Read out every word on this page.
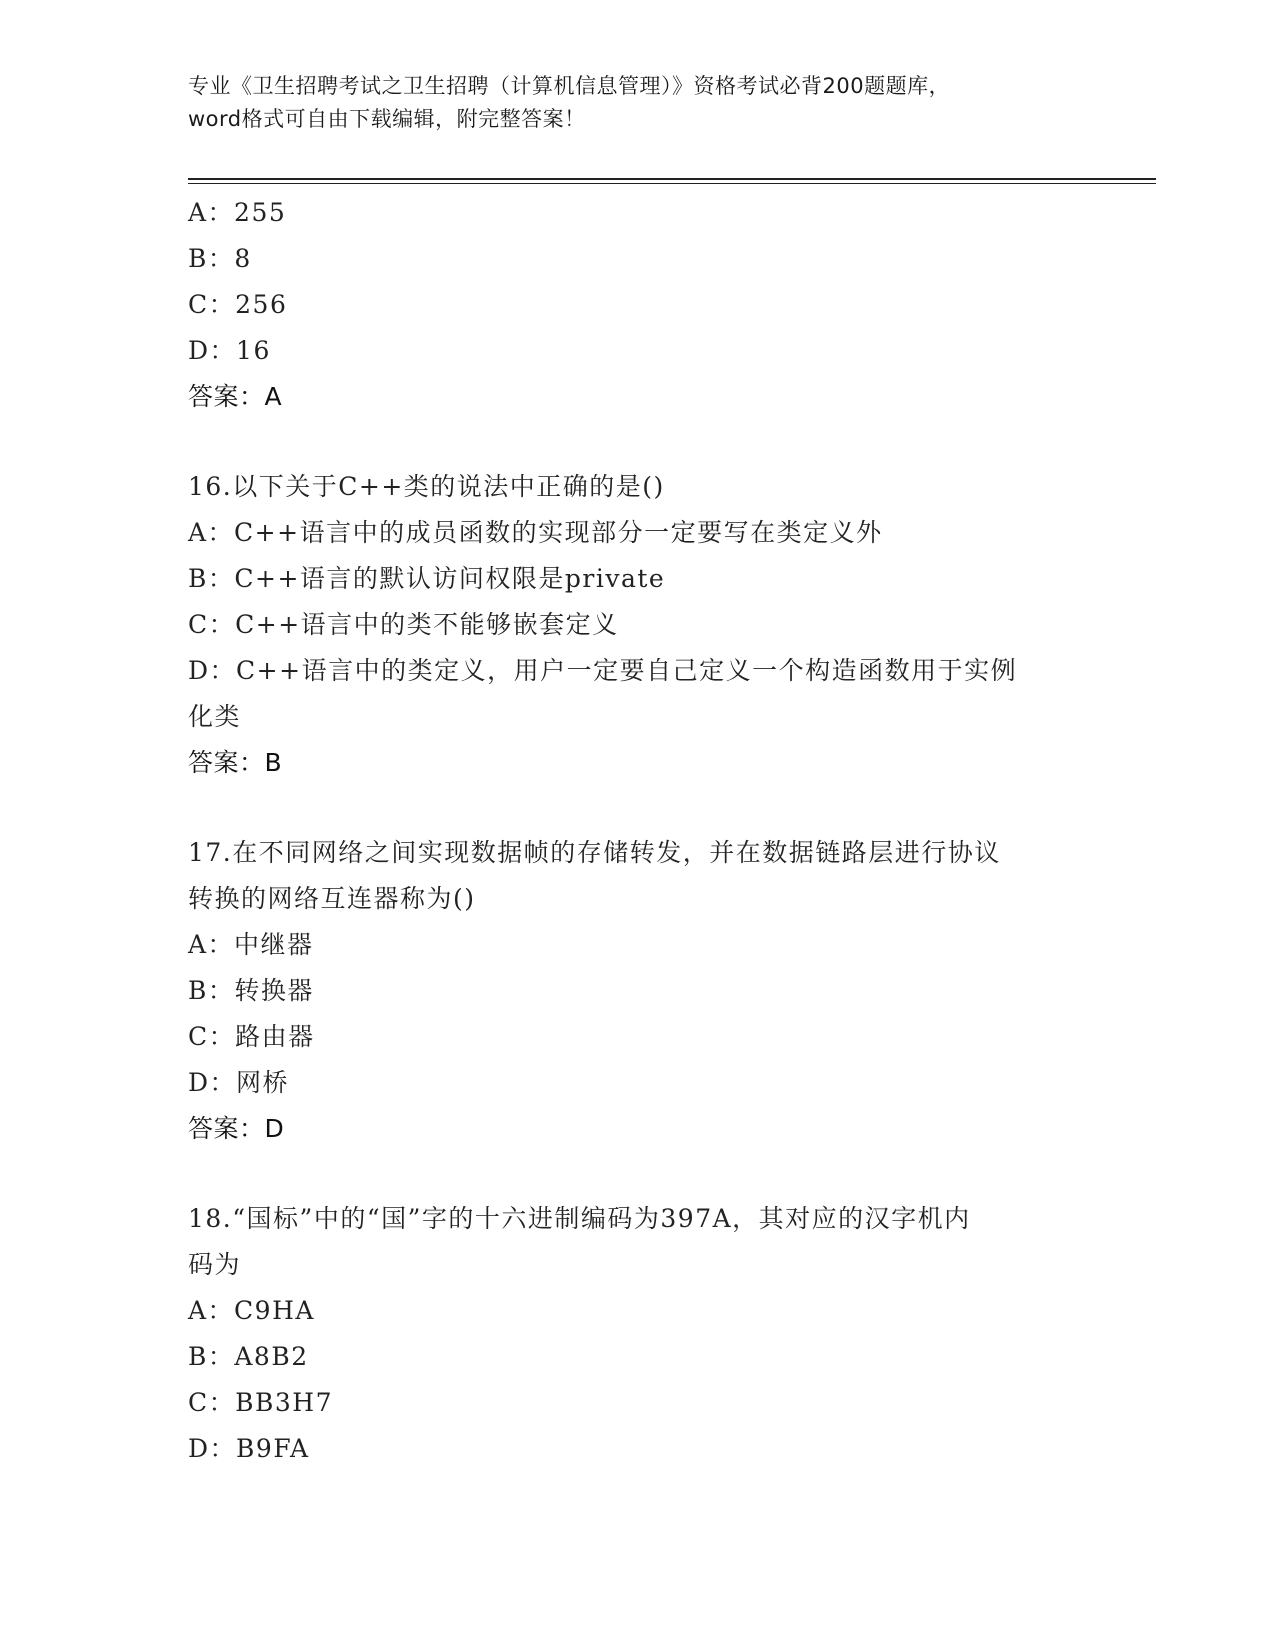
专业《卫生招聘考试之卫生招聘（计算机信息管理）》资格考试必背200题题库，
word格式可自由下载编辑，附完整答案！
A：255
B：8
C：256
D：16
答案：A
16.以下关于C++类的说法中正确的是()
A：C++语言中的成员函数的实现部分一定要写在类定义外
B：C++语言的默认访问权限是private
C：C++语言中的类不能够嵌套定义
D：C++语言中的类定义，用户一定要自己定义一个构造函数用于实例
化类
答案：B
17.在不同网络之间实现数据帧的存储转发，并在数据链路层进行协议
转换的网络互连器称为()
A：中继器
B：转换器
C：路由器
D：网桥
答案：D
18.“国标”中的“国”字的十六进制编码为397A，其对应的汉字机内
码为
A：C9HA
B：A8B2
C：BB3H7
D：B9FA
